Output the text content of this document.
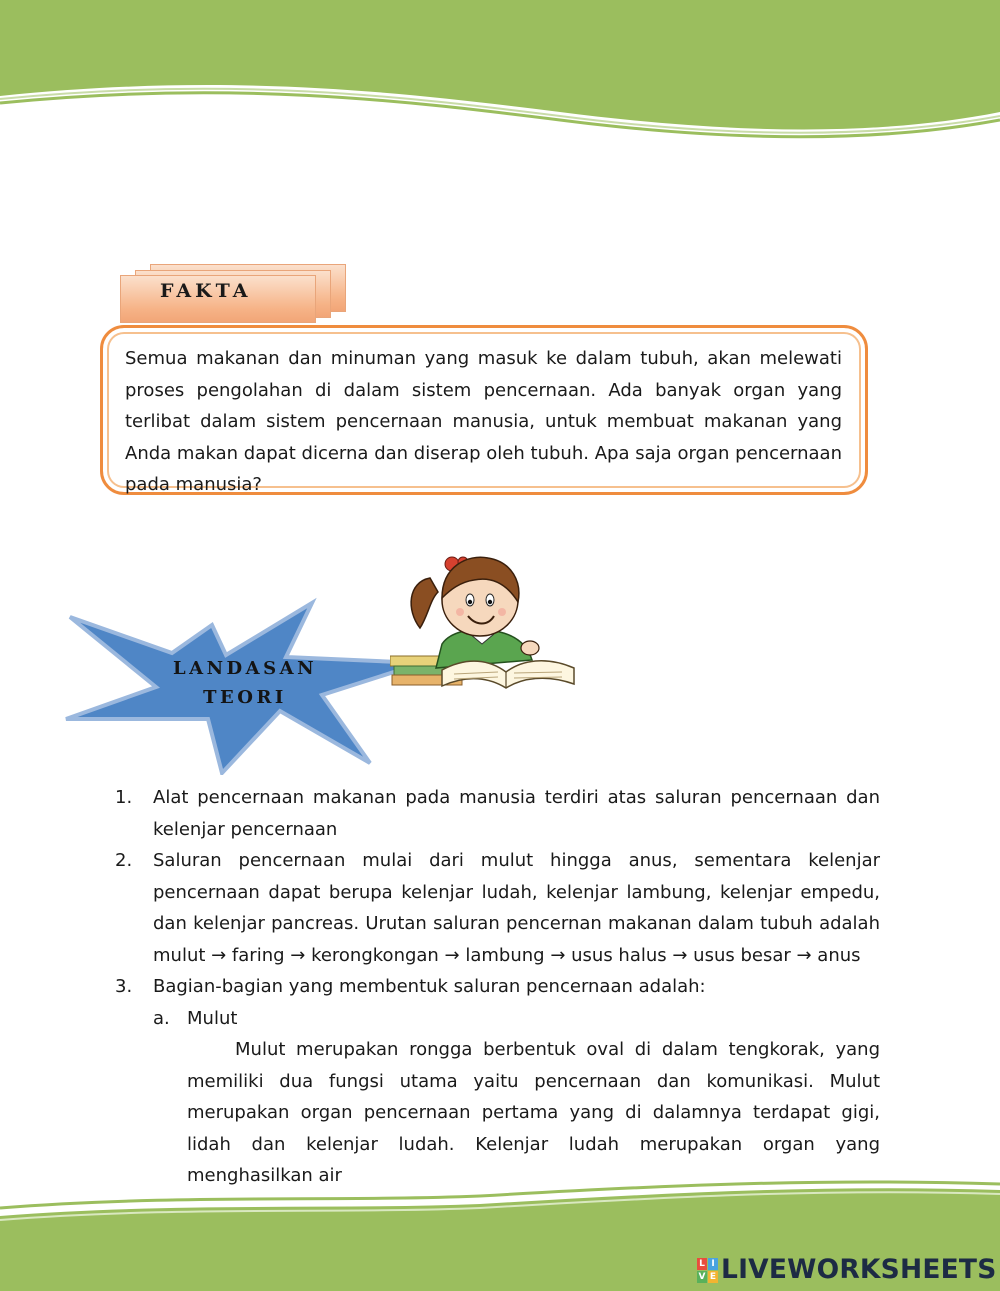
FAKTA
Semua makanan dan minuman yang masuk ke dalam tubuh, akan melewati proses pengolahan di dalam sistem pencernaan. Ada banyak organ yang terlibat dalam sistem pencernaan manusia, untuk membuat makanan yang Anda makan dapat dicerna dan diserap oleh tubuh. Apa saja organ pencernaan pada manusia?
LANDASAN
TEORI
1. Alat pencernaan makanan pada manusia terdiri atas saluran pencernaan dan kelenjar pencernaan
2. Saluran pencernaan mulai dari mulut hingga anus, sementara kelenjar pencernaan dapat berupa kelenjar ludah, kelenjar lambung, kelenjar empedu, dan kelenjar pancreas. Urutan saluran pencernan makanan dalam tubuh adalah mulut → faring → kerongkongan → lambung → usus halus → usus besar → anus
3. Bagian-bagian yang membentuk saluran pencernaan adalah:
a. Mulut
Mulut merupakan rongga berbentuk oval di dalam tengkorak, yang memiliki dua fungsi utama yaitu pencernaan dan komunikasi. Mulut merupakan organ pencernaan pertama yang di dalamnya terdapat gigi, lidah dan kelenjar ludah. Kelenjar ludah merupakan organ yang menghasilkan air
L I
V E LIVEWORKSHEETS
